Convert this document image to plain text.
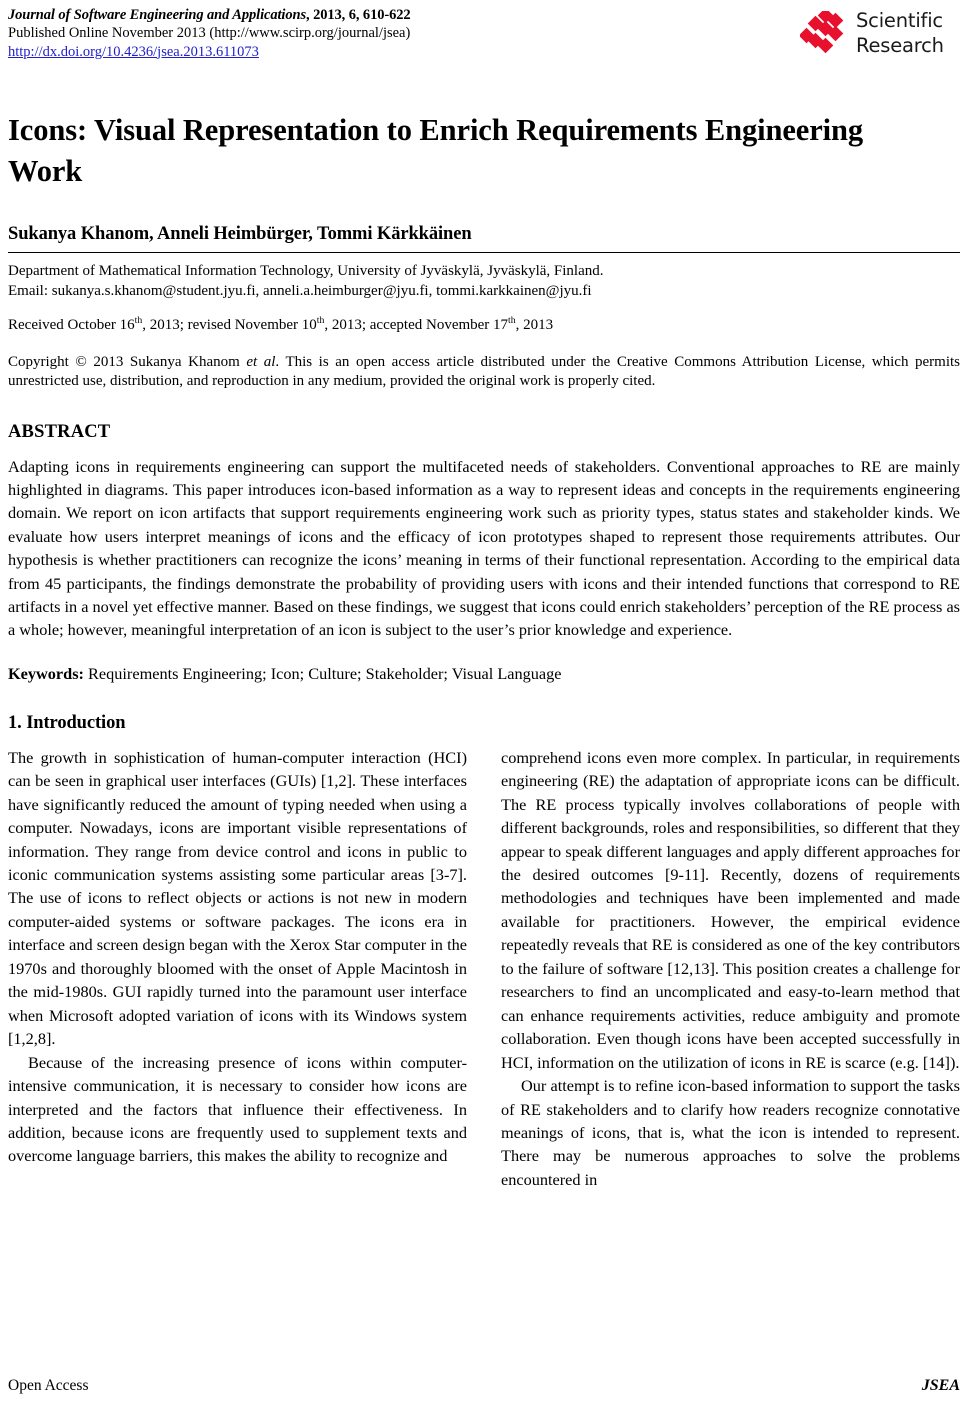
Journal of Software Engineering and Applications, 2013, 6, 610-622
Published Online November 2013 (http://www.scirp.org/journal/jsea)
http://dx.doi.org/10.4236/jsea.2013.611073
Scientific
Research
Icons: Visual Representation to Enrich Requirements Engineering Work
Sukanya Khanom, Anneli Heimbürger, Tommi Kärkkäinen
Department of Mathematical Information Technology, University of Jyväskylä, Jyväskylä, Finland.
Email: sukanya.s.khanom@student.jyu.fi, anneli.a.heimburger@jyu.fi, tommi.karkkainen@jyu.fi
Received October 16th, 2013; revised November 10th, 2013; accepted November 17th, 2013
Copyright © 2013 Sukanya Khanom et al. This is an open access article distributed under the Creative Commons Attribution License, which permits unrestricted use, distribution, and reproduction in any medium, provided the original work is properly cited.
ABSTRACT
Adapting icons in requirements engineering can support the multifaceted needs of stakeholders. Conventional approaches to RE are mainly highlighted in diagrams. This paper introduces icon-based information as a way to represent ideas and concepts in the requirements engineering domain. We report on icon artifacts that support requirements engineering work such as priority types, status states and stakeholder kinds. We evaluate how users interpret meanings of icons and the efficacy of icon prototypes shaped to represent those requirements attributes. Our hypothesis is whether practitioners can recognize the icons’ meaning in terms of their functional representation. According to the empirical data from 45 participants, the findings demonstrate the probability of providing users with icons and their intended functions that correspond to RE artifacts in a novel yet effective manner. Based on these findings, we suggest that icons could enrich stakeholders’ perception of the RE process as a whole; however, meaningful interpretation of an icon is subject to the user’s prior knowledge and experience.
Keywords: Requirements Engineering; Icon; Culture; Stakeholder; Visual Language
1. Introduction

The growth in sophistication of human-computer interaction (HCI) can be seen in graphical user interfaces (GUIs) [1,2]. These interfaces have significantly reduced the amount of typing needed when using a computer. Nowadays, icons are important visible representations of information. They range from device control and icons in public to iconic communication systems assisting some particular areas [3-7]. The use of icons to reflect objects or actions is not new in modern computer-aided systems or software packages. The icons era in interface and screen design began with the Xerox Star computer in the 1970s and thoroughly bloomed with the onset of Apple Macintosh in the mid-1980s. GUI rapidly turned into the paramount user interface when Microsoft adopted variation of icons with its Windows system [1,2,8].

Because of the increasing presence of icons within computer-intensive communication, it is necessary to consider how icons are interpreted and the factors that influence their effectiveness. In addition, because icons are frequently used to supplement texts and overcome language barriers, this makes the ability to recognize and

comprehend icons even more complex. In particular, in requirements engineering (RE) the adaptation of appropriate icons can be difficult. The RE process typically involves collaborations of people with different backgrounds, roles and responsibilities, so different that they appear to speak different languages and apply different approaches for the desired outcomes [9-11]. Recently, dozens of requirements methodologies and techniques have been implemented and made available for practitioners. However, the empirical evidence repeatedly reveals that RE is considered as one of the key contributors to the failure of software [12,13]. This position creates a challenge for researchers to find an uncomplicated and easy-to-learn method that can enhance requirements activities, reduce ambiguity and promote collaboration. Even though icons have been accepted successfully in HCI, information on the utilization of icons in RE is scarce (e.g. [14]).

Our attempt is to refine icon-based information to support the tasks of RE stakeholders and to clarify how readers recognize connotative meanings of icons, that is, what the icon is intended to represent. There may be numerous approaches to solve the problems encountered in

Open Access	JSEA
